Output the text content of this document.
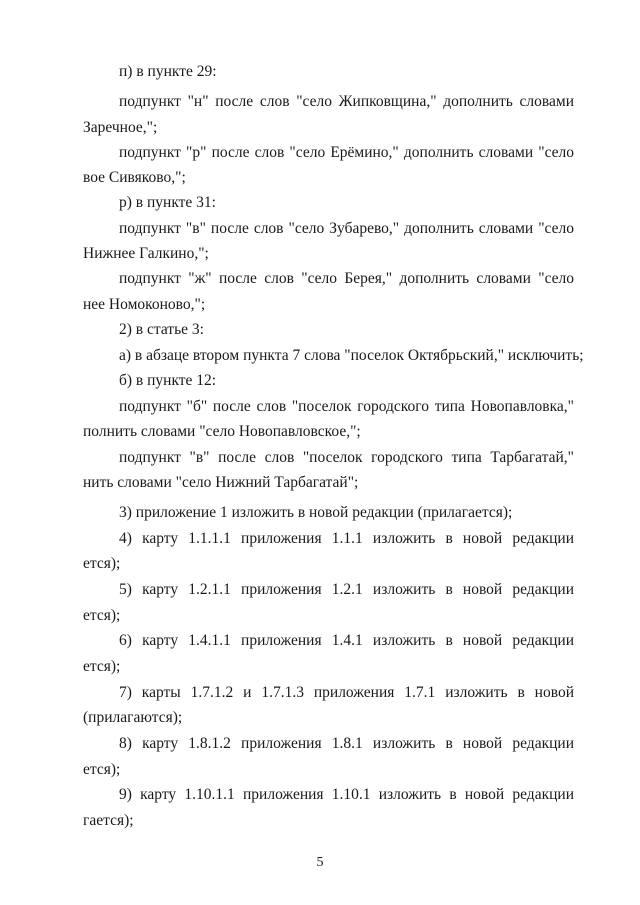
п) в пункте 29:
подпункт "н" после слов "село Жипковщина," дополнить словами
Заречное,";
подпункт "р" после слов "село Ерёмино," дополнить словами "село
вое Сивяково,";
р) в пункте 31:
подпункт "в" после слов "село Зубарево," дополнить словами "село
Нижнее Галкино,";
подпункт "ж" после слов "село Берея," дополнить словами "село
нее Номоконово,";
2) в статье 3:
а) в абзаце втором пункта 7 слова "поселок Октябрьский," исключить;
б) в пункте 12:
подпункт "б" после слов "поселок городского типа Новопавловка,"
полнить словами "село Новопавловское,";
подпункт "в" после слов "поселок городского типа Тарбагатай,"
нить словами "село Нижний Тарбагатай";
3) приложение 1 изложить в новой редакции (прилагается);
4) карту 1.1.1.1 приложения 1.1.1 изложить в новой редакции
ется);
5) карту 1.2.1.1 приложения 1.2.1 изложить в новой редакции
ется);
6) карту 1.4.1.1 приложения 1.4.1 изложить в новой редакции
ется);
7) карты 1.7.1.2 и 1.7.1.3 приложения 1.7.1 изложить в новой
(прилагаются);
8) карту 1.8.1.2 приложения 1.8.1 изложить в новой редакции
ется);
9) карту 1.10.1.1 приложения 1.10.1 изложить в новой редакции
гается);
5
